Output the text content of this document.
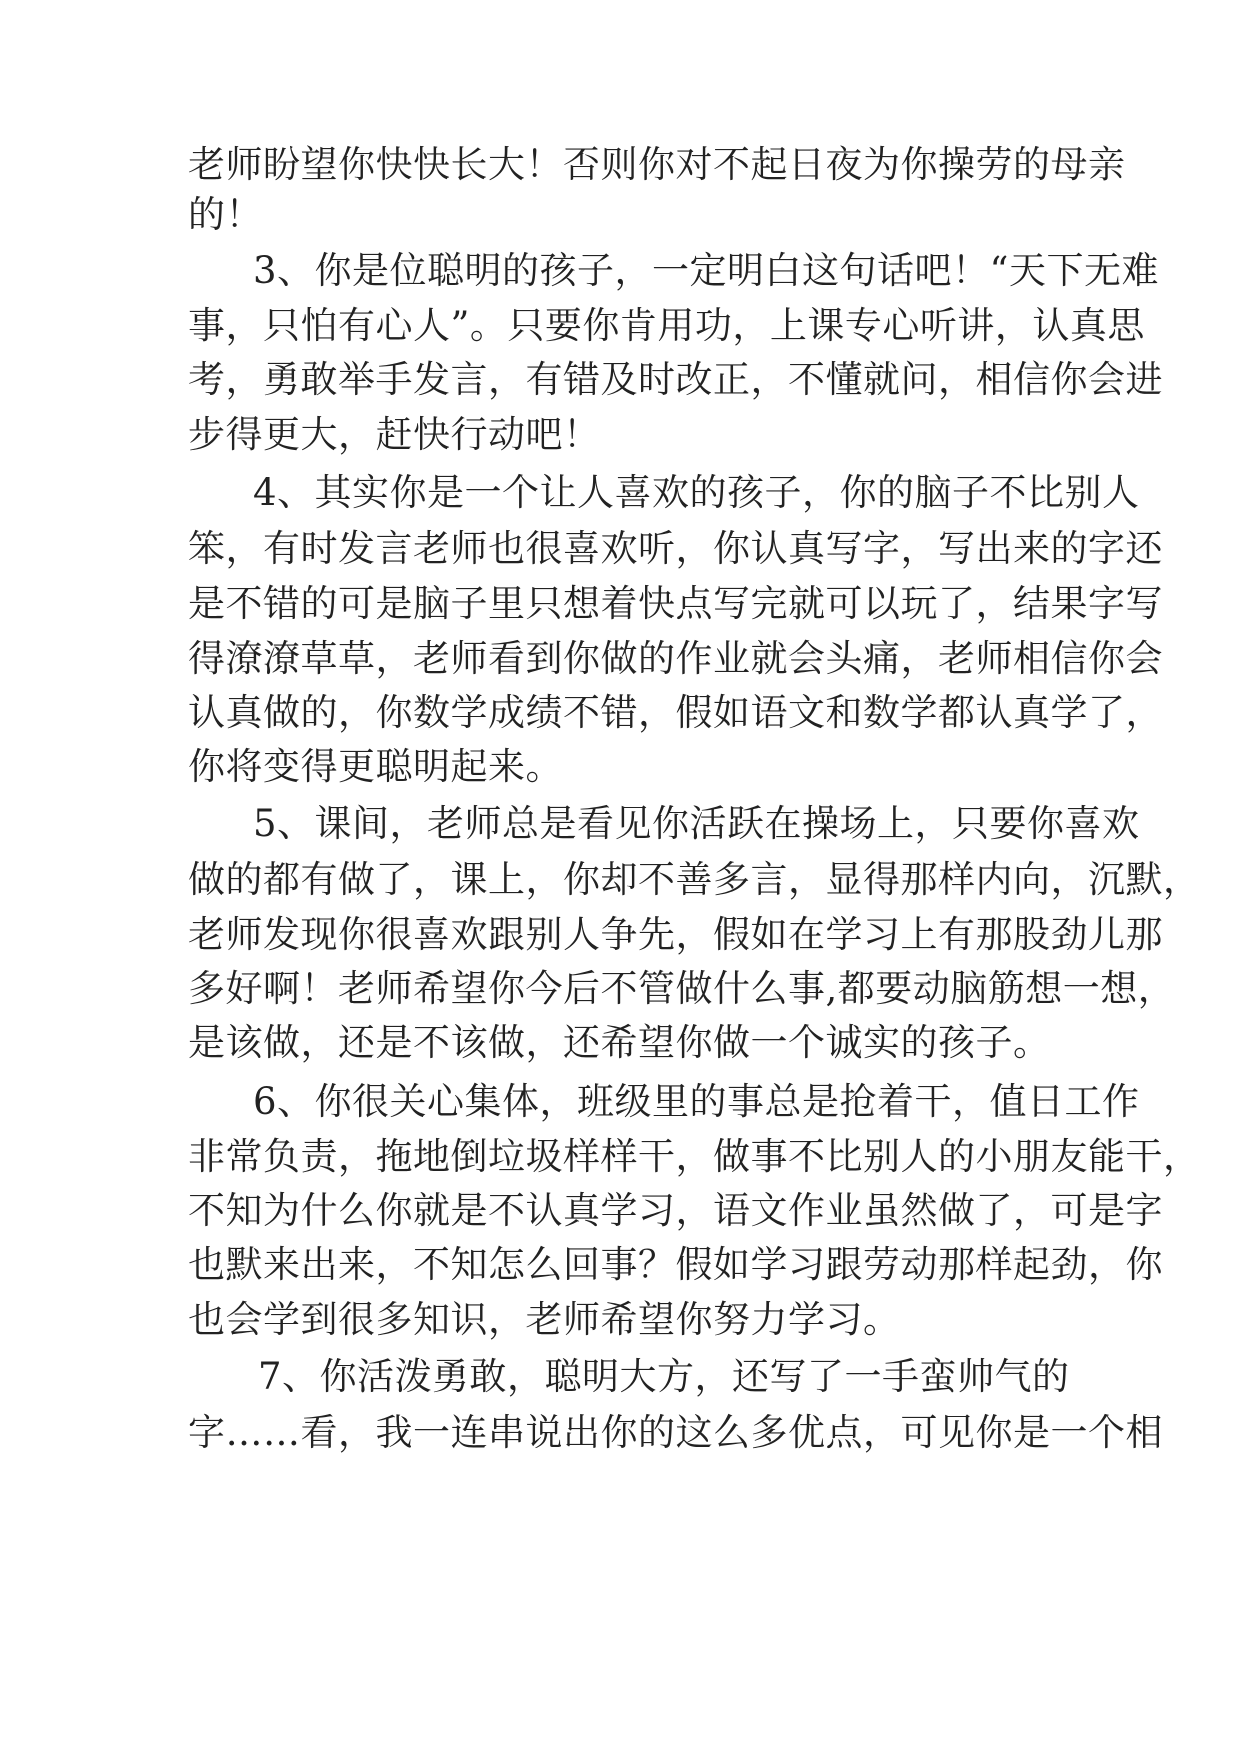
老师盼望你快快长大！否则你对不起日夜为你操劳的母亲
的！
3、你是位聪明的孩子，一定明白这句话吧！“天下无难
事，只怕有心人”。只要你肯用功，上课专心听讲，认真思
考，勇敢举手发言，有错及时改正，不懂就问，相信你会进
步得更大，赶快行动吧！
4、其实你是一个让人喜欢的孩子，你的脑子不比别人
笨，有时发言老师也很喜欢听，你认真写字，写出来的字还
是不错的可是脑子里只想着快点写完就可以玩了，结果字写
得潦潦草草，老师看到你做的作业就会头痛，老师相信你会
认真做的，你数学成绩不错，假如语文和数学都认真学了，
你将变得更聪明起来。
5、课间，老师总是看见你活跃在操场上，只要你喜欢
做的都有做了，课上，你却不善多言，显得那样内向，沉默，
老师发现你很喜欢跟别人争先，假如在学习上有那股劲儿那
多好啊！老师希望你今后不管做什么事,都要动脑筋想一想，
是该做，还是不该做，还希望你做一个诚实的孩子。
6、你很关心集体，班级里的事总是抢着干，值日工作
非常负责，拖地倒垃圾样样干，做事不比别人的小朋友能干，
不知为什么你就是不认真学习，语文作业虽然做了，可是字
也默来出来，不知怎么回事？假如学习跟劳动那样起劲，你
也会学到很多知识，老师希望你努力学习。
7、你活泼勇敢，聪明大方，还写了一手蛮帅气的
字……看，我一连串说出你的这么多优点，可见你是一个相
